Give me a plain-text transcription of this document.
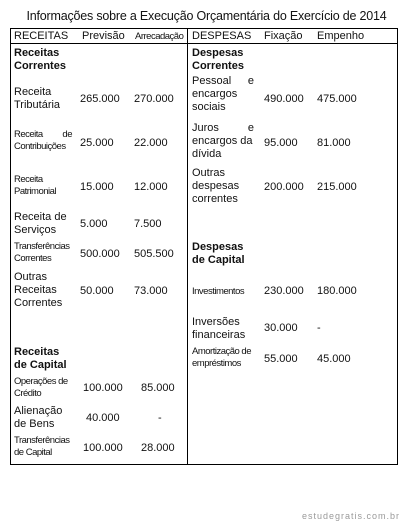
Informações sobre a Execução Orçamentária do Exercício de 2014
RECEITAS Previsão Arrecadação DESPESAS Fixação Empenho
Receitas
Correntes
Receita
Tributária 265.000 270.000
Receita de
Contribuições	25.000 22.000
Receita
Patrimonial 15.000 12.000
Receita de
Serviços	5.000 7.500
Transferências
Correntes	500.000 505.500
Outras
Receitas
Correntes
50.000 73.000
Receitas
de Capital
Operações de
Crédito	100.000 85.000
Alienação
de Bens	40.000	-
Transferências
de Capital	100.000 28.000
Despesas
Correntes
Pessoal e
encargos
sociais
490.000 475.000
Juros	e
encargos da
dívida
95.000 81.000
Outras
despesas
correntes
200.000 215.000
Despesas
de Capital
Investimentos 230.000 180.000
Inversões
financeiras
30.000 -
Amortização de
empréstimos	55.000 45.000
estudegratis.com.br
